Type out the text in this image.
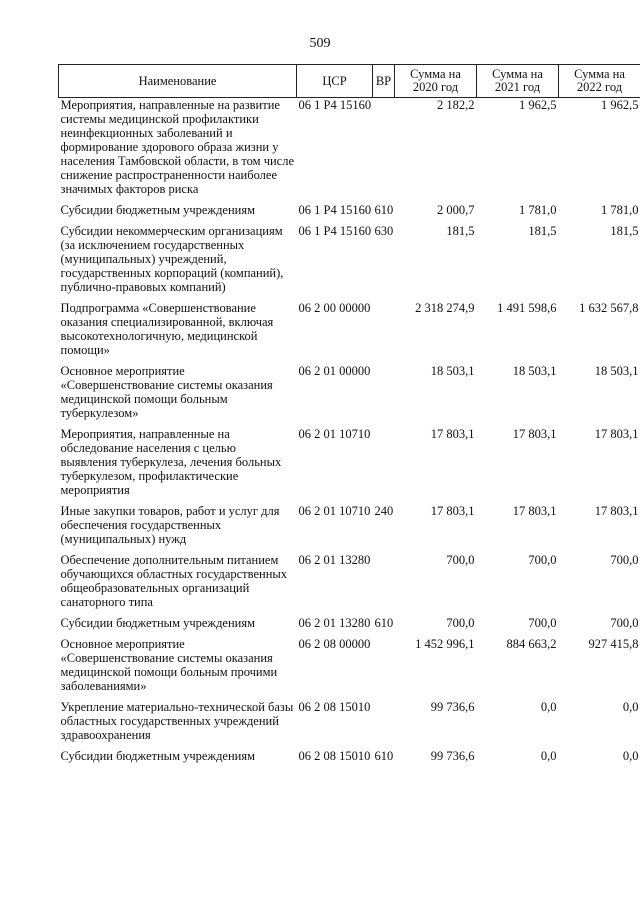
509
Наименование	ЦСР	ВР	Сумма на 2020 год	Сумма на 2021 год	Сумма на 2022 год
Мероприятия, направленные на развитие системы медицинской профилактики неинфекционных заболеваний и формирование здорового образа жизни у населения Тамбовской области, в том числе снижение распространенности наиболее значимых факторов риска	06 1 Р4 15160		2 182,2	1 962,5	1 962,5
Субсидии бюджетным учреждениям	06 1 Р4 15160	610	2 000,7	1 781,0	1 781,0
Субсидии некоммерческим организациям (за исключением государственных (муниципальных) учреждений, государственных корпораций (компаний), публично-правовых компаний)	06 1 Р4 15160	630	181,5	181,5	181,5
Подпрограмма «Совершенствование оказания специализированной, включая высокотехнологичную, медицинской помощи»	06 2 00 00000		2 318 274,9	1 491 598,6	1 632 567,8
Основное мероприятие «Совершенствование системы оказания медицинской помощи больным туберкулезом»	06 2 01 00000		18 503,1	18 503,1	18 503,1
Мероприятия, направленные на обследование населения с целью выявления туберкулеза, лечения больных туберкулезом, профилактические мероприятия	06 2 01 10710		17 803,1	17 803,1	17 803,1
Иные закупки товаров, работ и услуг для обеспечения государственных (муниципальных) нужд	06 2 01 10710	240	17 803,1	17 803,1	17 803,1
Обеспечение дополнительным питанием обучающихся областных государственных общеобразовательных организаций санаторного типа	06 2 01 13280		700,0	700,0	700,0
Субсидии бюджетным учреждениям	06 2 01 13280	610	700,0	700,0	700,0
Основное мероприятие «Совершенствование системы оказания медицинской помощи больным прочими заболеваниями»	06 2 08 00000		1 452 996,1	884 663,2	927 415,8
Укрепление материально-технической базы областных государственных учреждений здравоохранения	06 2 08 15010		99 736,6	0,0	0,0
Субсидии бюджетным учреждениям	06 2 08 15010	610	99 736,6	0,0	0,0
